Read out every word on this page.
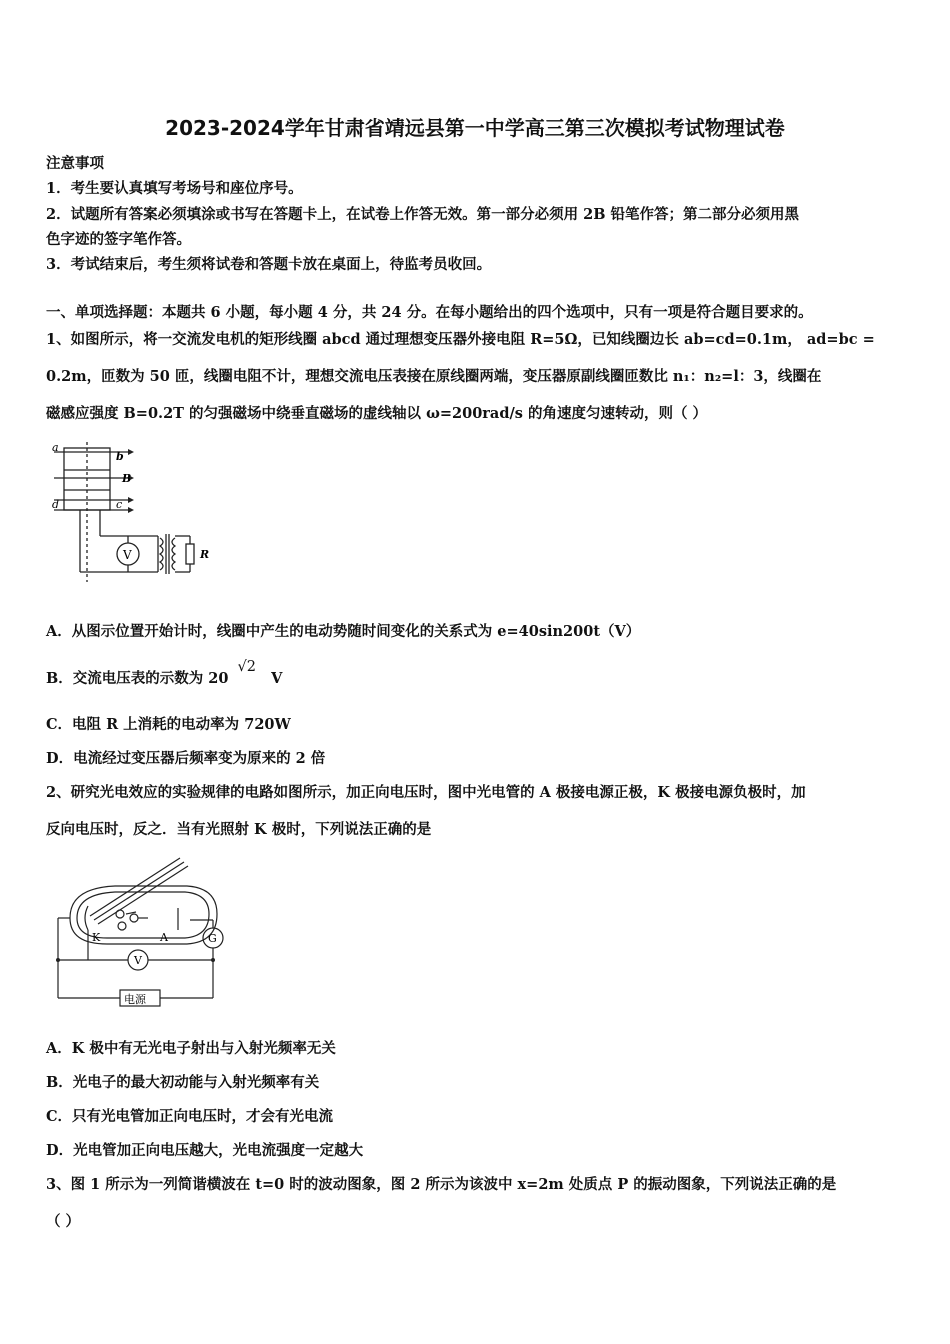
2023-2024学年甘肃省靖远县第一中学高三第三次模拟考试物理试卷
注意事项
1．考生要认真填写考场号和座位序号。
2．试题所有答案必须填涂或书写在答题卡上，在试卷上作答无效。第一部分必须用 2B 铅笔作答；第二部分必须用黑
色字迹的签字笔作答。
3．考试结束后，考生须将试卷和答题卡放在桌面上，待监考员收回。
一、单项选择题：本题共 6 小题，每小题 4 分，共 24 分。在每小题给出的四个选项中，只有一项是符合题目要求的。
1、如图所示，将一交流发电机的矩形线圈 abcd 通过理想变压器外接电阻 R=5Ω，已知线圈边长 ab=cd=0.1m， ad=bc =
0.2m，匝数为 50 匝，线圈电阻不计，理想交流电压表接在原线圈两端，变压器原副线圈匝数比 n₁：n₂=l：3，线圈在
磁感应强度 B=0.2T 的匀强磁场中绕垂直磁场的虚线轴以 ω=200rad/s 的角速度匀速转动，则（ ）
a
b
B
c
d
V	R
A．从图示位置开始计时，线圈中产生的电动势随时间变化的关系式为 e=40sin200t（V）
B．交流电压表的示数为 20 √2 V
C．电阻 R 上消耗的电动率为 720W
D．电流经过变压器后频率变为原来的 2 倍
2、研究光电效应的实验规律的电路如图所示，加正向电压时，图中光电管的 A 极接电源正极，K 极接电源负极时，加
反向电压时，反之．当有光照射 K 极时，下列说法正确的是
K	A	G
V
电源
A．K 极中有无光电子射出与入射光频率无关
B．光电子的最大初动能与入射光频率有关
C．只有光电管加正向电压时，才会有光电流
D．光电管加正向电压越大，光电流强度一定越大
3、图 1 所示为一列简谐横波在 t=0 时的波动图象，图 2 所示为该波中 x=2m 处质点 P 的振动图象，下列说法正确的是
（ ）
